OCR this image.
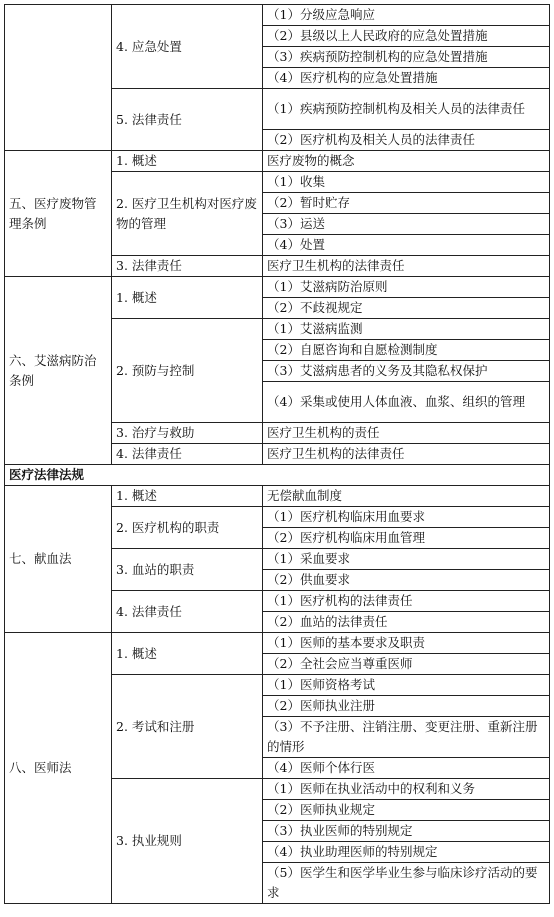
	4. 应急处置	（1）分级应急响应
		（2）县级以上人民政府的应急处置措施
		（3）疾病预防控制机构的应急处置措施
		（4）医疗机构的应急处置措施
	5. 法律责任	（1）疾病预防控制机构及相关人员的法律责任
		（2）医疗机构及相关人员的法律责任
五、医疗废物管理条例	1. 概述	医疗废物的概念
	2. 医疗卫生机构对医疗废物的管理	（1）收集
		（2）暂时贮存
		（3）运送
		（4）处置
	3. 法律责任	医疗卫生机构的法律责任
六、艾滋病防治条例	1. 概述	（1）艾滋病防治原则
		（2）不歧视规定
	2. 预防与控制	（1）艾滋病监测
		（2）自愿咨询和自愿检测制度
		（3）艾滋病患者的义务及其隐私权保护
		（4）采集或使用人体血液、血浆、组织的管理
	3. 治疗与救助	医疗卫生机构的责任
	4. 法律责任	医疗卫生机构的法律责任
医疗法律法规		
七、献血法	1. 概述	无偿献血制度
	2. 医疗机构的职责	（1）医疗机构临床用血要求
		（2）医疗机构临床用血管理
	3. 血站的职责	（1）采血要求
		（2）供血要求
	4. 法律责任	（1）医疗机构的法律责任
		（2）血站的法律责任
八、医师法	1. 概述	（1）医师的基本要求及职责
		（2）全社会应当尊重医师
	2. 考试和注册	（1）医师资格考试
		（2）医师执业注册
		（3）不予注册、注销注册、变更注册、重新注册的情形
		（4）医师个体行医
	3. 执业规则	（1）医师在执业活动中的权利和义务
		（2）医师执业规定
		（3）执业医师的特别规定
		（4）执业助理医师的特别规定
		（5）医学生和医学毕业生参与临床诊疗活动的要求
